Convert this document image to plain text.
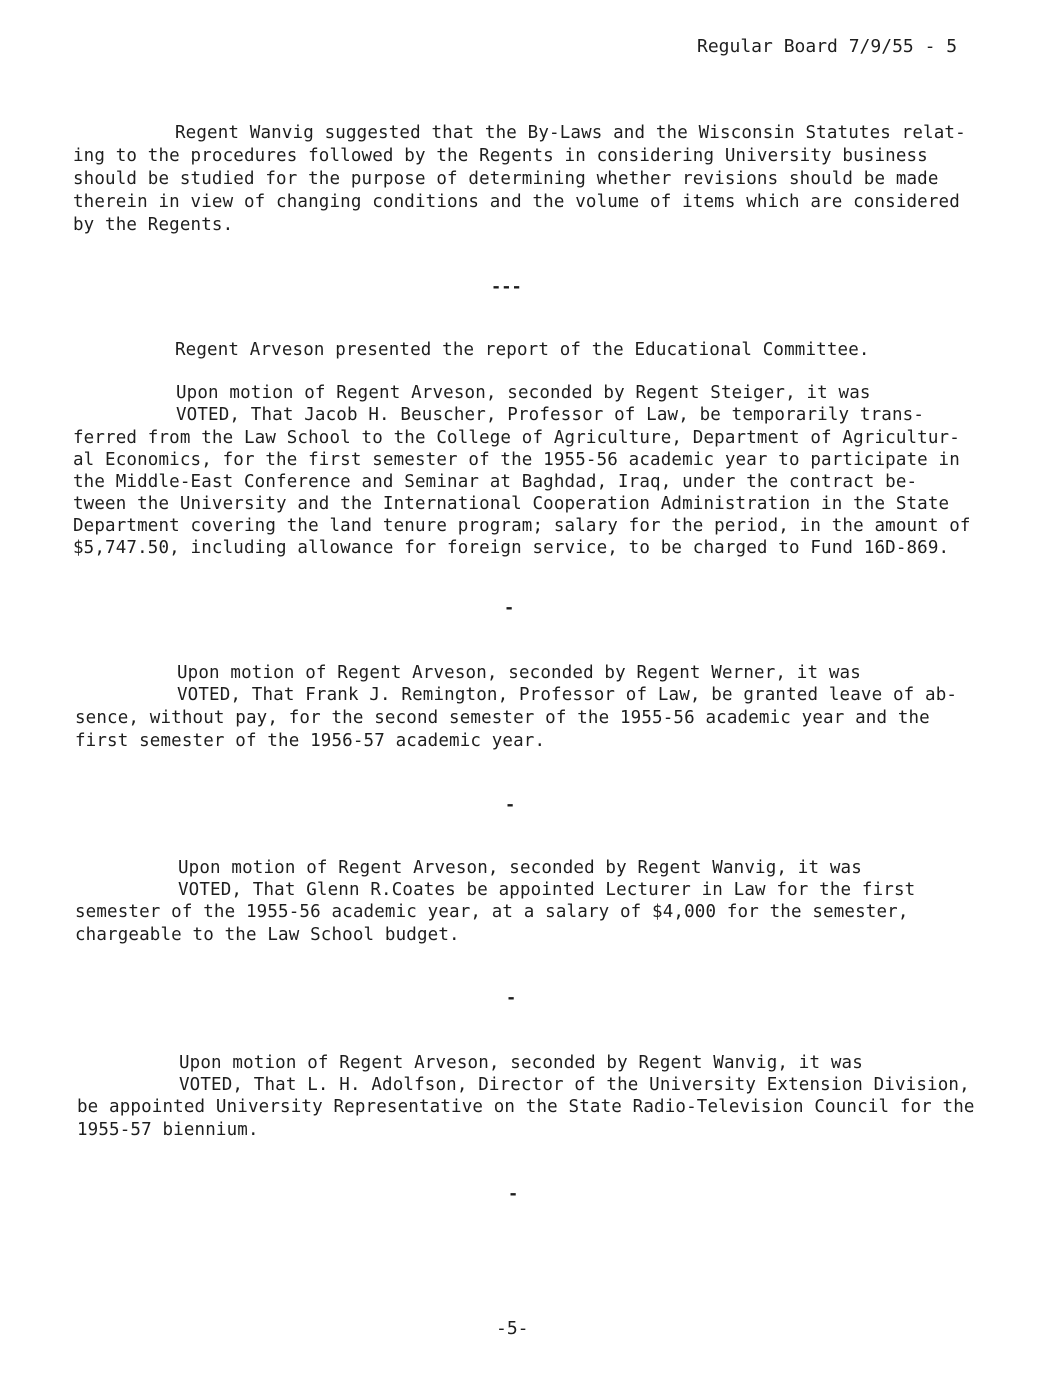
Regular Board 7/9/55 - 5
Regent Wanvig suggested that the By-Laws and the Wisconsin Statutes relat-
ing to the procedures followed by the Regents in considering University business
should be studied for the purpose of determining whether revisions should be made
therein in view of changing conditions and the volume of items which are considered
by the Regents.
---
Regent Arveson presented the report of the Educational Committee.
Upon motion of Regent Arveson, seconded by Regent Steiger, it was
VOTED, That Jacob H. Beuscher, Professor of Law, be temporarily trans-
ferred from the Law School to the College of Agriculture, Department of Agricultur-
al Economics, for the first semester of the 1955-56 academic year to participate in
the Middle-East Conference and Seminar at Baghdad, Iraq, under the contract be-
tween the University and the International Cooperation Administration in the State
Department covering the land tenure program; salary for the period, in the amount of
$5,747.50, including allowance for foreign service, to be charged to Fund 16D-869.
-
Upon motion of Regent Arveson, seconded by Regent Werner, it was
VOTED, That Frank J. Remington, Professor of Law, be granted leave of ab-
sence, without pay, for the second semester of the 1955-56 academic year and the
first semester of the 1956-57 academic year.
-
Upon motion of Regent Arveson, seconded by Regent Wanvig, it was
VOTED, That Glenn R.Coates be appointed Lecturer in Law for the first
semester of the 1955-56 academic year, at a salary of $4,000 for the semester,
chargeable to the Law School budget.
-
Upon motion of Regent Arveson, seconded by Regent Wanvig, it was
VOTED, That L. H. Adolfson, Director of the University Extension Division,
be appointed University Representative on the State Radio-Television Council for the
1955-57 biennium.
-
-5-
